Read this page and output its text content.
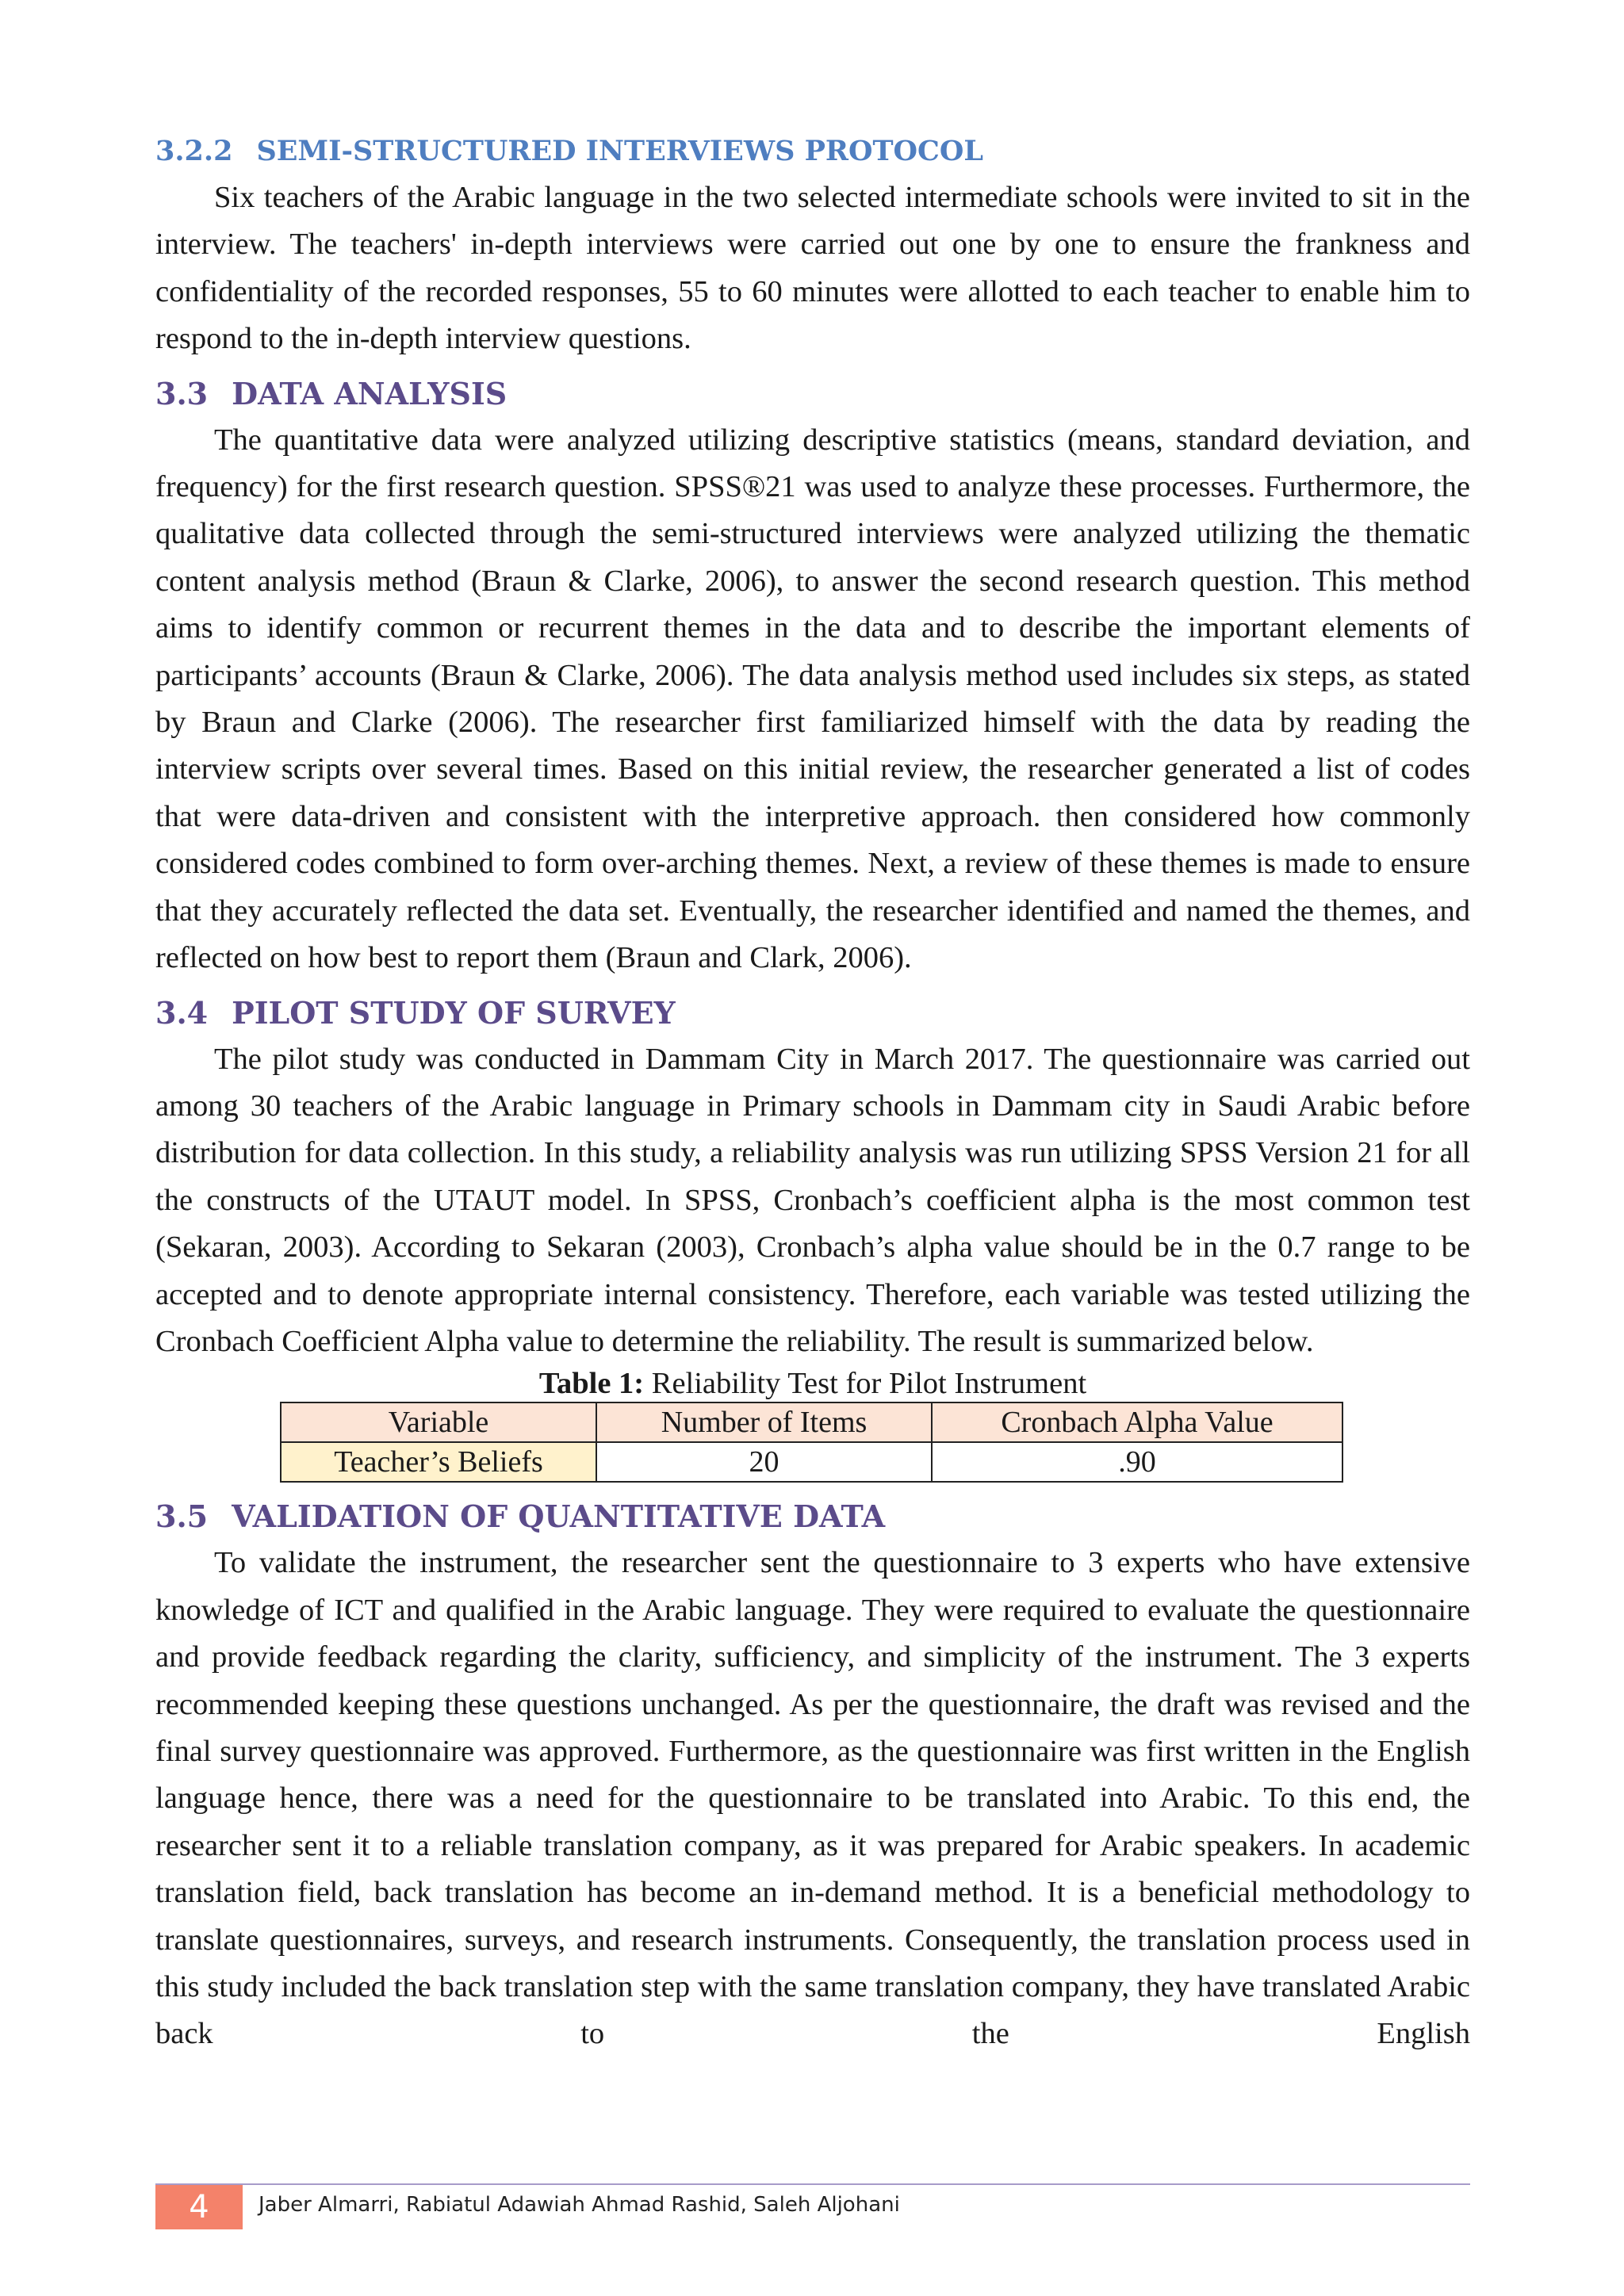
3.2.2 SEMI-STRUCTURED INTERVIEWS PROTOCOL

Six teachers of the Arabic language in the two selected intermediate schools were invited to sit in the interview. The teachers' in-depth interviews were carried out one by one to ensure the frankness and confidentiality of the recorded responses, 55 to 60 minutes were allotted to each teacher to enable him to respond to the in-depth interview questions.

3.3 DATA ANALYSIS

The quantitative data were analyzed utilizing descriptive statistics (means, standard deviation, and frequency) for the first research question. SPSS®21 was used to analyze these processes. Furthermore, the qualitative data collected through the semi-structured interviews were analyzed utilizing the thematic content analysis method (Braun & Clarke, 2006), to answer the second research question. This method aims to identify common or recurrent themes in the data and to describe the important elements of participants’ accounts (Braun & Clarke, 2006). The data analysis method used includes six steps, as stated by Braun and Clarke (2006). The researcher first familiarized himself with the data by reading the interview scripts over several times. Based on this initial review, the researcher generated a list of codes that were data-driven and consistent with the interpretive approach. then considered how commonly considered codes combined to form over-arching themes. Next, a review of these themes is made to ensure that they accurately reflected the data set. Eventually, the researcher identified and named the themes, and reflected on how best to report them (Braun and Clark, 2006).

3.4 PILOT STUDY OF SURVEY

The pilot study was conducted in Dammam City in March 2017. The questionnaire was carried out among 30 teachers of the Arabic language in Primary schools in Dammam city in Saudi Arabic before distribution for data collection. In this study, a reliability analysis was run utilizing SPSS Version 21 for all the constructs of the UTAUT model. In SPSS, Cronbach’s coefficient alpha is the most common test (Sekaran, 2003). According to Sekaran (2003), Cronbach’s alpha value should be in the 0.7 range to be accepted and to denote appropriate internal consistency. Therefore, each variable was tested utilizing the Cronbach Coefficient Alpha value to determine the reliability. The result is summarized below.

Table 1: Reliability Test for Pilot Instrument

Variable	Number of Items	Cronbach Alpha Value
Teacher’s Beliefs	20	.90
3.5 VALIDATION OF QUANTITATIVE DATA

To validate the instrument, the researcher sent the questionnaire to 3 experts who have extensive knowledge of ICT and qualified in the Arabic language. They were required to evaluate the questionnaire and provide feedback regarding the clarity, sufficiency, and simplicity of the instrument. The 3 experts recommended keeping these questions unchanged. As per the questionnaire, the draft was revised and the final survey questionnaire was approved. Furthermore, as the questionnaire was first written in the English language hence, there was a need for the questionnaire to be translated into Arabic. To this end, the researcher sent it to a reliable translation company, as it was prepared for Arabic speakers. In academic translation field, back translation has become an in-demand method. It is a beneficial methodology to translate questionnaires, surveys, and research instruments. Consequently, the translation process used in this study included the back translation step with the same translation company, they have translated Arabic back to the English

4	Jaber Almarri, Rabiatul Adawiah Ahmad Rashid, Saleh Aljohani
